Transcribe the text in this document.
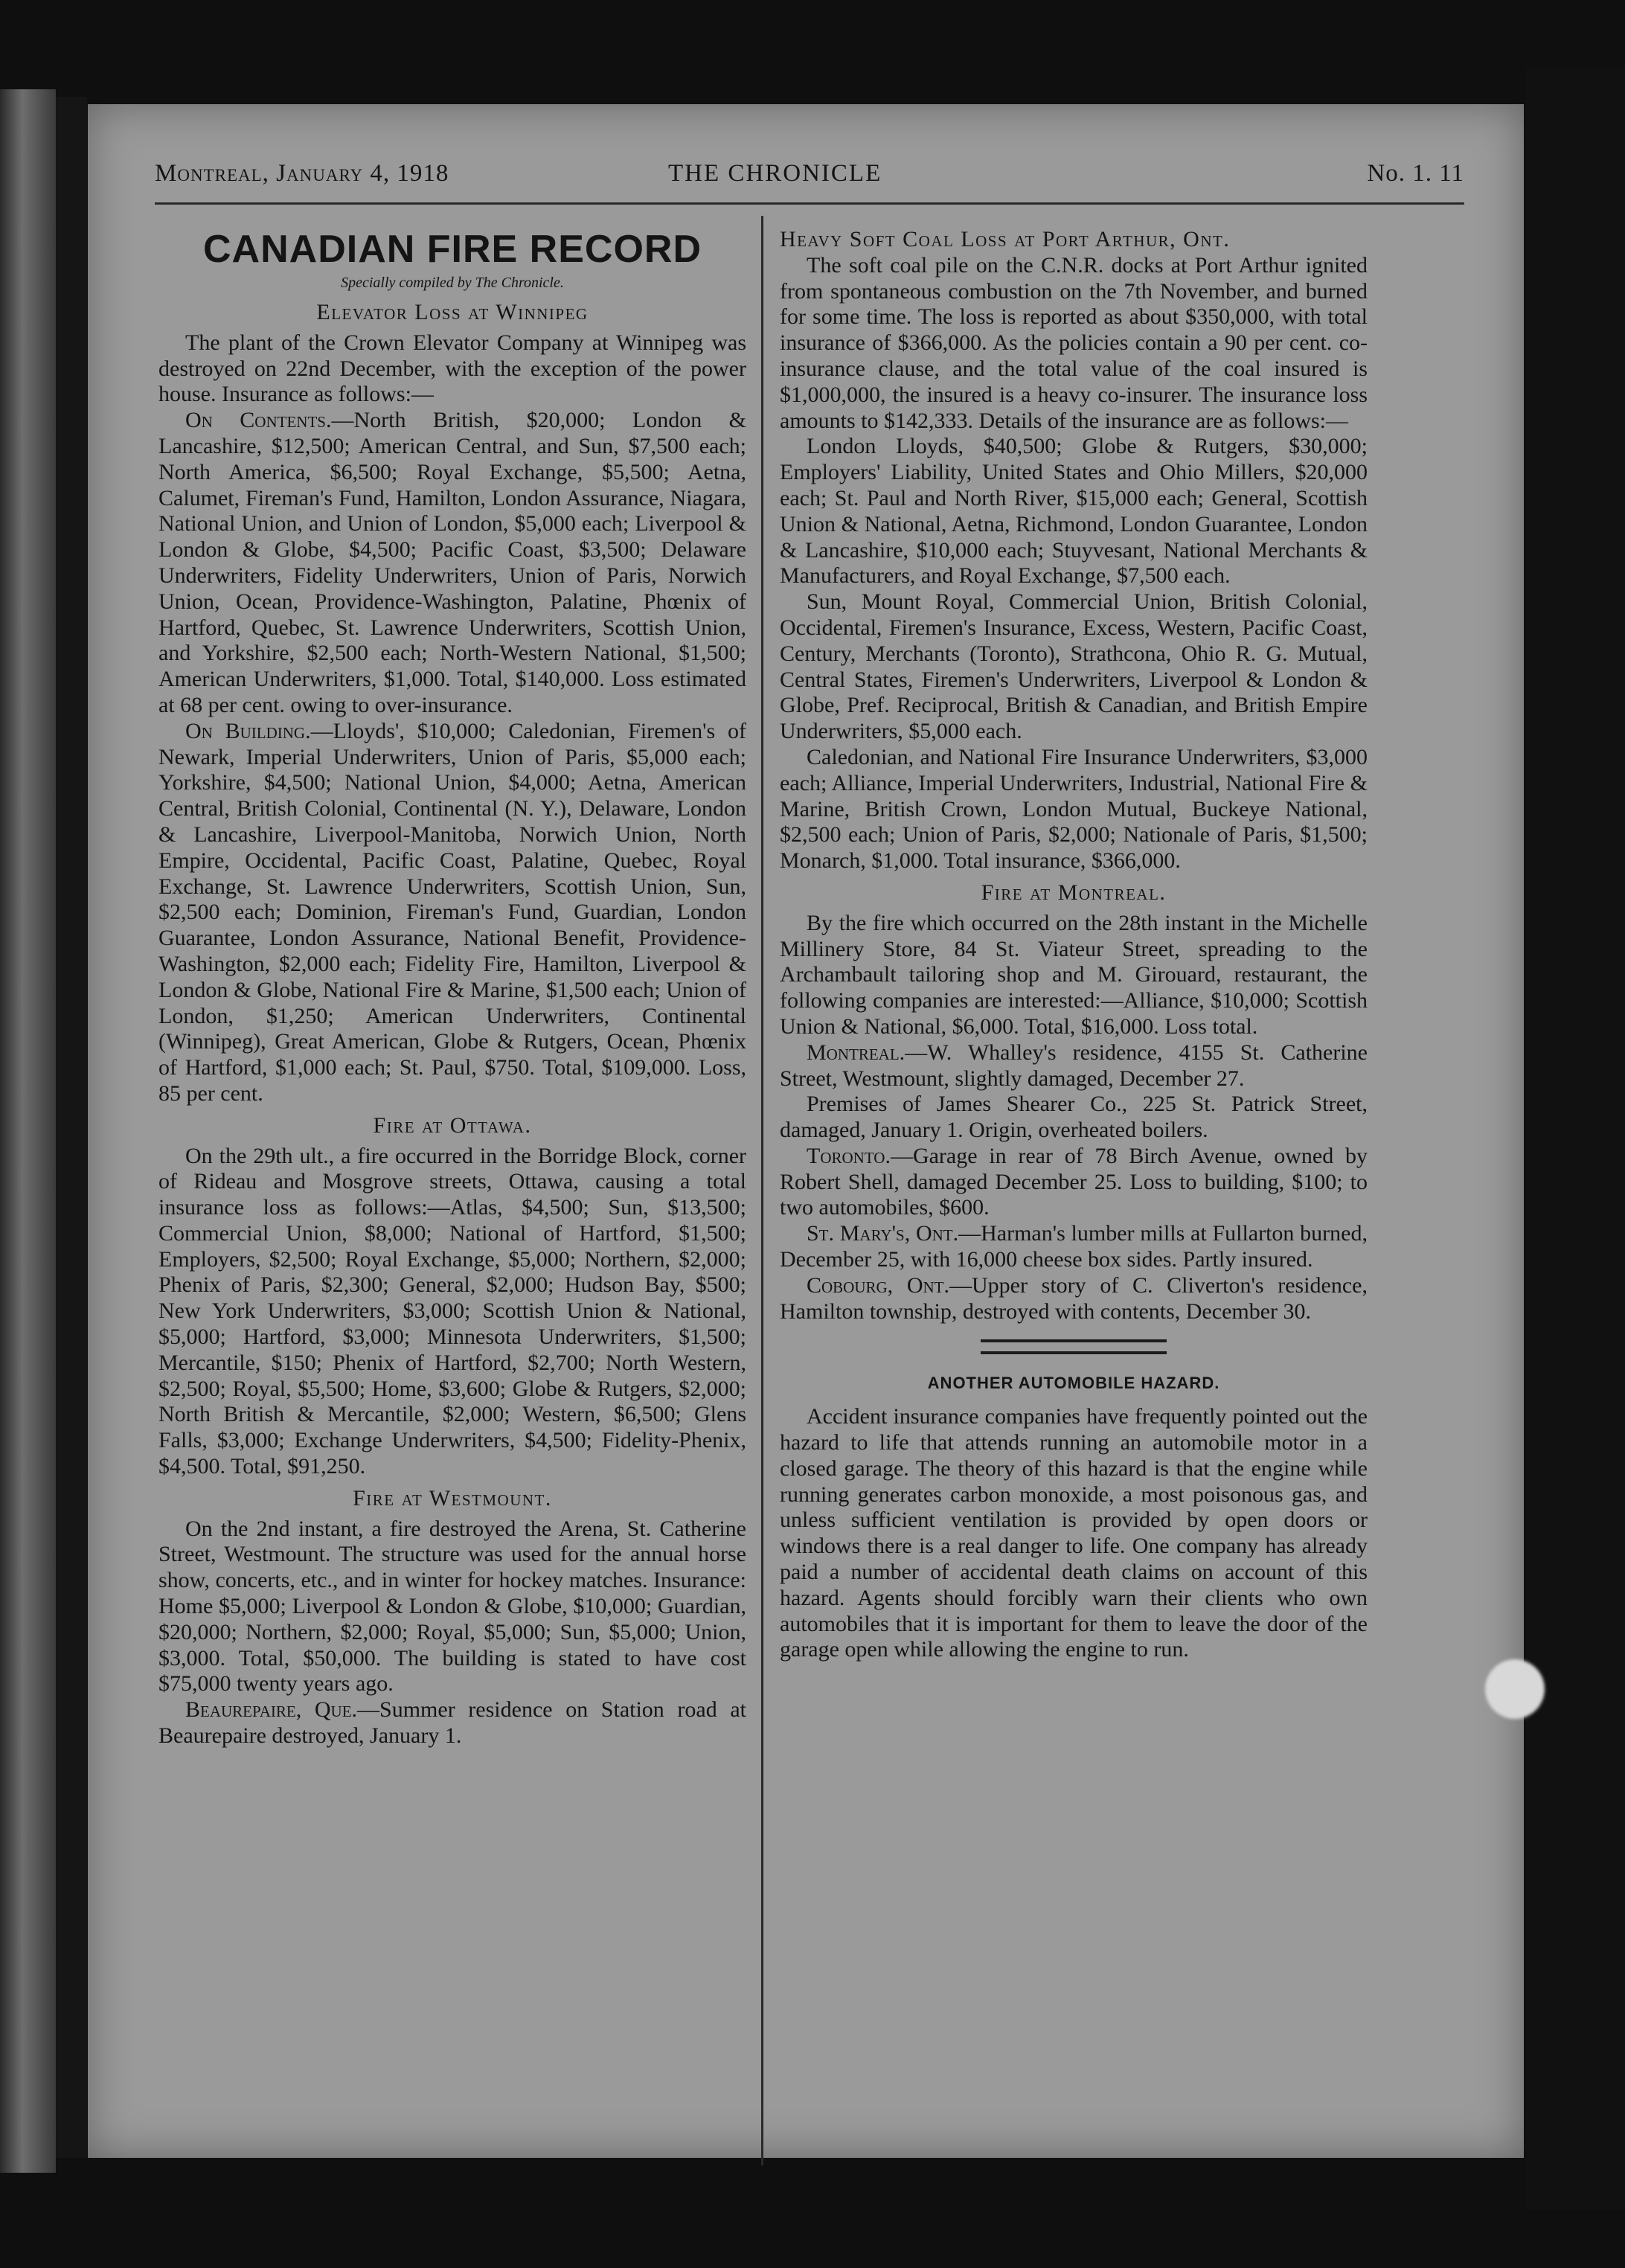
Montreal, January 4, 1918	THE CHRONICLE	No. 1. 11
CANADIAN FIRE RECORD
Specially compiled by The Chronicle.
Elevator Loss at Winnipeg

The plant of the Crown Elevator Company at Winnipeg was destroyed on 22nd December, with the exception of the power house. Insurance as follows:—

On Contents.—North British, $20,000; London & Lancashire, $12,500; American Central, and Sun, $7,500 each; North America, $6,500; Royal Exchange, $5,500; Aetna, Calumet, Fireman's Fund, Hamilton, London Assurance, Niagara, National Union, and Union of London, $5,000 each; Liverpool & London & Globe, $4,500; Pacific Coast, $3,500; Delaware Underwriters, Fidelity Underwriters, Union of Paris, Norwich Union, Ocean, Providence-Washington, Palatine, Phœnix of Hartford, Quebec, St. Lawrence Underwriters, Scottish Union, and Yorkshire, $2,500 each; North-Western National, $1,500; American Underwriters, $1,000. Total, $140,000. Loss estimated at 68 per cent. owing to over-insurance.

On Building.—Lloyds', $10,000; Caledonian, Firemen's of Newark, Imperial Underwriters, Union of Paris, $5,000 each; Yorkshire, $4,500; National Union, $4,000; Aetna, American Central, British Colonial, Continental (N. Y.), Delaware, London & Lancashire, Liverpool-Manitoba, Norwich Union, North Empire, Occidental, Pacific Coast, Palatine, Quebec, Royal Exchange, St. Lawrence Underwriters, Scottish Union, Sun, $2,500 each; Dominion, Fireman's Fund, Guardian, London Guarantee, London Assurance, National Benefit, Providence-Washington, $2,000 each; Fidelity Fire, Hamilton, Liverpool & London & Globe, National Fire & Marine, $1,500 each; Union of London, $1,250; American Underwriters, Continental (Winnipeg), Great American, Globe & Rutgers, Ocean, Phœnix of Hartford, $1,000 each; St. Paul, $750. Total, $109,000. Loss, 85 per cent.

Fire at Ottawa.

On the 29th ult., a fire occurred in the Borridge Block, corner of Rideau and Mosgrove streets, Ottawa, causing a total insurance loss as follows:—Atlas, $4,500; Sun, $13,500; Commercial Union, $8,000; National of Hartford, $1,500; Employers, $2,500; Royal Exchange, $5,000; Northern, $2,000; Phenix of Paris, $2,300; General, $2,000; Hudson Bay, $500; New York Underwriters, $3,000; Scottish Union & National, $5,000; Hartford, $3,000; Minnesota Underwriters, $1,500; Mercantile, $150; Phenix of Hartford, $2,700; North Western, $2,500; Royal, $5,500; Home, $3,600; Globe & Rutgers, $2,000; North British & Mercantile, $2,000; Western, $6,500; Glens Falls, $3,000; Exchange Underwriters, $4,500; Fidelity-Phenix, $4,500. Total, $91,250.

Fire at Westmount.

On the 2nd instant, a fire destroyed the Arena, St. Catherine Street, Westmount. The structure was used for the annual horse show, concerts, etc., and in winter for hockey matches. Insurance: Home $5,000; Liverpool & London & Globe, $10,000; Guardian, $20,000; Northern, $2,000; Royal, $5,000; Sun, $5,000; Union, $3,000. Total, $50,000. The building is stated to have cost $75,000 twenty years ago.

Beaurepaire, Que.—Summer residence on Station road at Beaurepaire destroyed, January 1.

Heavy Soft Coal Loss at Port Arthur, Ont.

The soft coal pile on the C.N.R. docks at Port Arthur ignited from spontaneous combustion on the 7th November, and burned for some time. The loss is reported as about $350,000, with total insurance of $366,000. As the policies contain a 90 per cent. co-insurance clause, and the total value of the coal insured is $1,000,000, the insured is a heavy co-insurer. The insurance loss amounts to $142,333. Details of the insurance are as follows:—

London Lloyds, $40,500; Globe & Rutgers, $30,000; Employers' Liability, United States and Ohio Millers, $20,000 each; St. Paul and North River, $15,000 each; General, Scottish Union & National, Aetna, Richmond, London Guarantee, London & Lancashire, $10,000 each; Stuyvesant, National Merchants & Manufacturers, and Royal Exchange, $7,500 each.

Sun, Mount Royal, Commercial Union, British Colonial, Occidental, Firemen's Insurance, Excess, Western, Pacific Coast, Century, Merchants (Toronto), Strathcona, Ohio R. G. Mutual, Central States, Firemen's Underwriters, Liverpool & London & Globe, Pref. Reciprocal, British & Canadian, and British Empire Underwriters, $5,000 each.

Caledonian, and National Fire Insurance Underwriters, $3,000 each; Alliance, Imperial Underwriters, Industrial, National Fire & Marine, British Crown, London Mutual, Buckeye National, $2,500 each; Union of Paris, $2,000; Nationale of Paris, $1,500; Monarch, $1,000. Total insurance, $366,000.

Fire at Montreal.

By the fire which occurred on the 28th instant in the Michelle Millinery Store, 84 St. Viateur Street, spreading to the Archambault tailoring shop and M. Girouard, restaurant, the following companies are interested:—Alliance, $10,000; Scottish Union & National, $6,000. Total, $16,000. Loss total.

Montreal.—W. Whalley's residence, 4155 St. Catherine Street, Westmount, slightly damaged, December 27.

Premises of James Shearer Co., 225 St. Patrick Street, damaged, January 1. Origin, overheated boilers.

Toronto.—Garage in rear of 78 Birch Avenue, owned by Robert Shell, damaged December 25. Loss to building, $100; to two automobiles, $600.

St. Mary's, Ont.—Harman's lumber mills at Fullarton burned, December 25, with 16,000 cheese box sides. Partly insured.

Cobourg, Ont.—Upper story of C. Cliverton's residence, Hamilton township, destroyed with contents, December 30.

ANOTHER AUTOMOBILE HAZARD.

Accident insurance companies have frequently pointed out the hazard to life that attends running an automobile motor in a closed garage. The theory of this hazard is that the engine while running generates carbon monoxide, a most poisonous gas, and unless sufficient ventilation is provided by open doors or windows there is a real danger to life. One company has already paid a number of accidental death claims on account of this hazard. Agents should forcibly warn their clients who own automobiles that it is important for them to leave the door of the garage open while allowing the engine to run.
